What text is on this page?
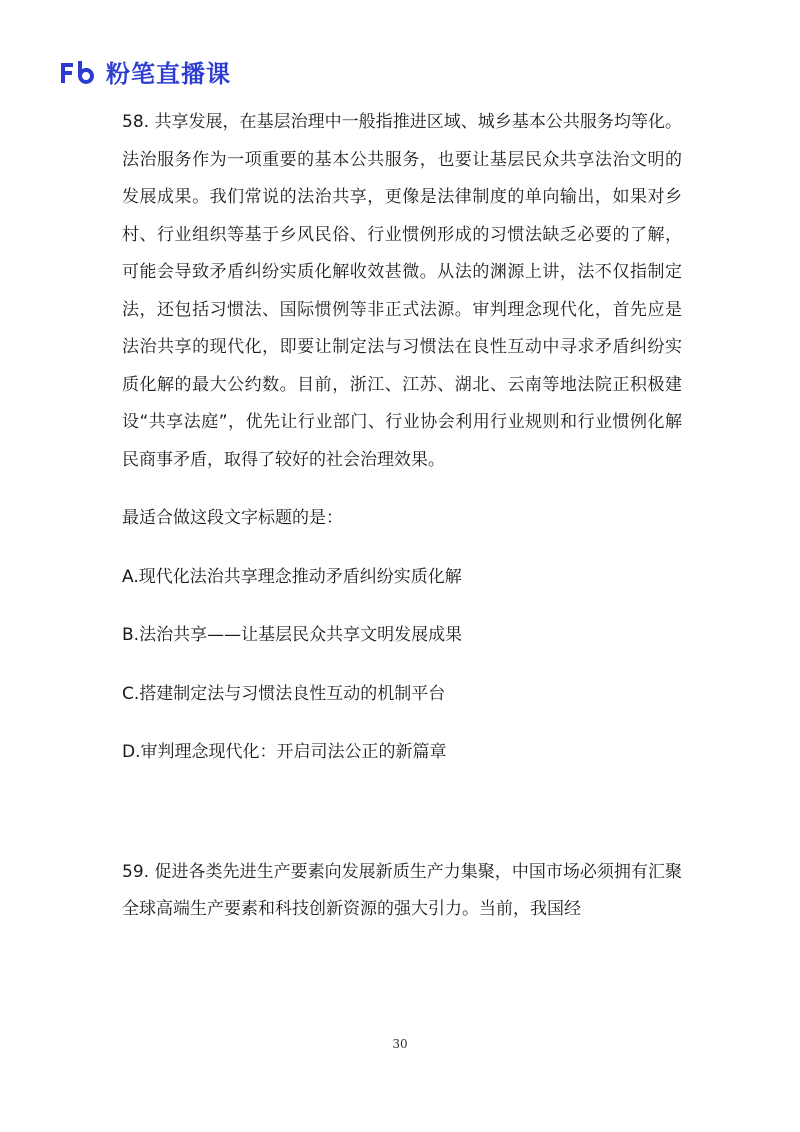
粉笔直播课

58. 共享发展，在基层治理中一般指推进区域、城乡基本公共服务均等化。法治服务作为一项重要的基本公共服务，也要让基层民众共享法治文明的发展成果。我们常说的法治共享，更像是法律制度的单向输出，如果对乡村、行业组织等基于乡风民俗、行业惯例形成的习惯法缺乏必要的了解，可能会导致矛盾纠纷实质化解收效甚微。从法的渊源上讲，法不仅指制定法，还包括习惯法、国际惯例等非正式法源。审判理念现代化，首先应是法治共享的现代化，即要让制定法与习惯法在良性互动中寻求矛盾纠纷实质化解的最大公约数。目前，浙江、江苏、湖北、云南等地法院正积极建设“共享法庭”，优先让行业部门、行业协会利用行业规则和行业惯例化解民商事矛盾，取得了较好的社会治理效果。

最适合做这段文字标题的是：

A.现代化法治共享理念推动矛盾纠纷实质化解

B.法治共享——让基层民众共享文明发展成果

C.搭建制定法与习惯法良性互动的机制平台

D.审判理念现代化：开启司法公正的新篇章

59. 促进各类先进生产要素向发展新质生产力集聚，中国市场必须拥有汇聚全球高端生产要素和科技创新资源的强大引力。当前，我国经

30
